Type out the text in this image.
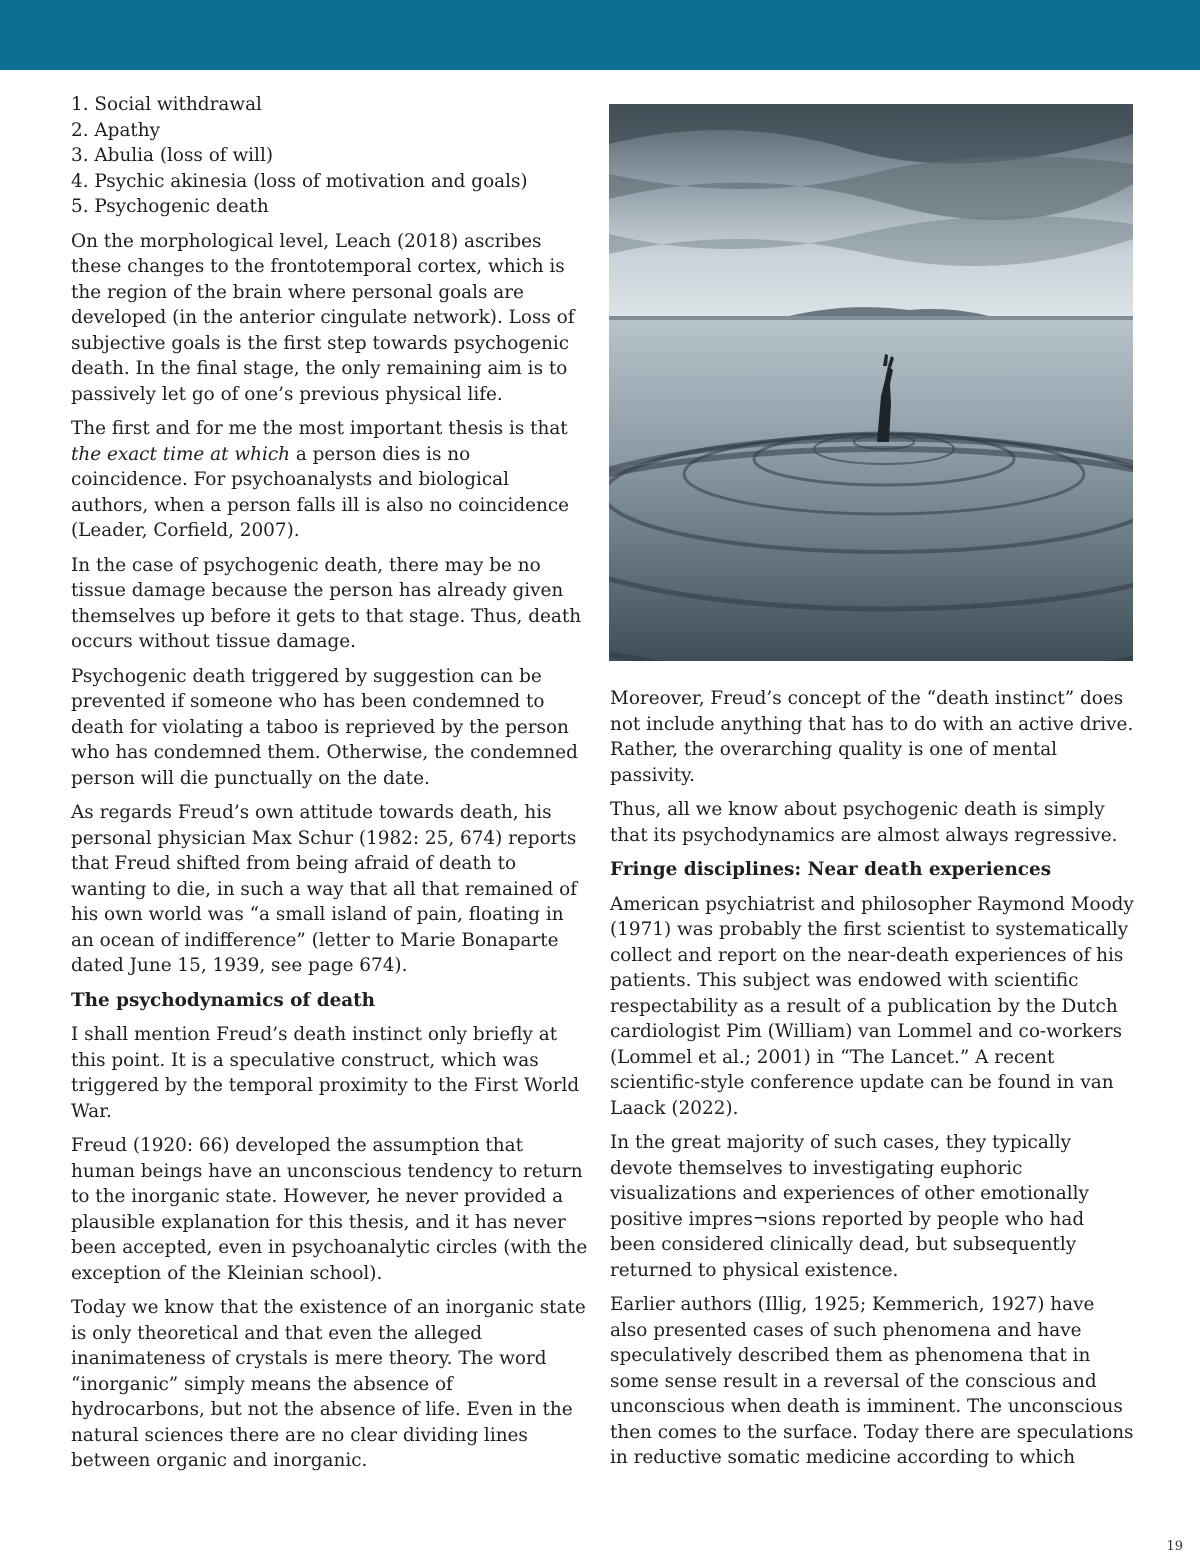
1. Social withdrawal
2. Apathy
3. Abulia (loss of will)
4. Psychic akinesia (loss of motivation and goals)
5. Psychogenic death

On the morphological level, Leach (2018) ascribes these changes to the frontotemporal cortex, which is the region of the brain where personal goals are developed (in the anterior cingulate network). Loss of subjective goals is the first step towards psychogenic death. In the final stage, the only remaining aim is to passively let go of one’s previous physical life.

The first and for me the most important thesis is that the exact time at which a person dies is no coincidence. For psychoanalysts and biological authors, when a person falls ill is also no coincidence (Leader, Corfield, 2007).

In the case of psychogenic death, there may be no tissue damage because the person has already given themselves up before it gets to that stage. Thus, death occurs without tissue damage.

Psychogenic death triggered by suggestion can be prevented if someone who has been condemned to death for violating a taboo is reprieved by the person who has condemned them. Otherwise, the condemned person will die punctually on the date.

As regards Freud’s own attitude towards death, his personal physician Max Schur (1982: 25, 674) reports that Freud shifted from being afraid of death to wanting to die, in such a way that all that remained of his own world was “a small island of pain, floating in an ocean of indifference” (letter to Marie Bonaparte dated June 15, 1939, see page 674).

The psychodynamics of death

I shall mention Freud’s death instinct only briefly at this point. It is a speculative construct, which was triggered by the temporal proximity to the First World War.

Freud (1920: 66) developed the assumption that human beings have an unconscious tendency to return to the inorganic state. However, he never provided a plausible explanation for this thesis, and it has never been accepted, even in psychoanalytic circles (with the exception of the Kleinian school).

Today we know that the existence of an inorganic state is only theoretical and that even the alleged inanimateness of crystals is mere theory. The word “inorganic” simply means the absence of hydrocarbons, but not the absence of life. Even in the natural sciences there are no clear dividing lines between organic and inorganic.

Moreover, Freud’s concept of the “death instinct” does not include anything that has to do with an active drive. Rather, the overarching quality is one of mental passivity.

Thus, all we know about psychogenic death is simply that its psychodynamics are almost always regressive.

Fringe disciplines: Near death experiences

American psychiatrist and philosopher Raymond Moody (1971) was probably the first scientist to systematically collect and report on the near-death experiences of his patients. This subject was endowed with scientific respectability as a result of a publication by the Dutch cardiologist Pim (William) van Lommel and co-workers (Lommel et al.; 2001) in “The Lancet.” A recent scientific-style conference update can be found in van Laack (2022).

In the great majority of such cases, they typically devote themselves to investigating euphoric visualizations and experiences of other emotionally positive impres¬sions reported by people who had been considered clinically dead, but subsequently returned to physical existence.

Earlier authors (Illig, 1925; Kemmerich, 1927) have also presented cases of such phenomena and have speculatively described them as phenomena that in some sense result in a reversal of the conscious and unconscious when death is imminent. The unconscious then comes to the surface. Today there are speculations in reductive somatic medicine according to which

19
